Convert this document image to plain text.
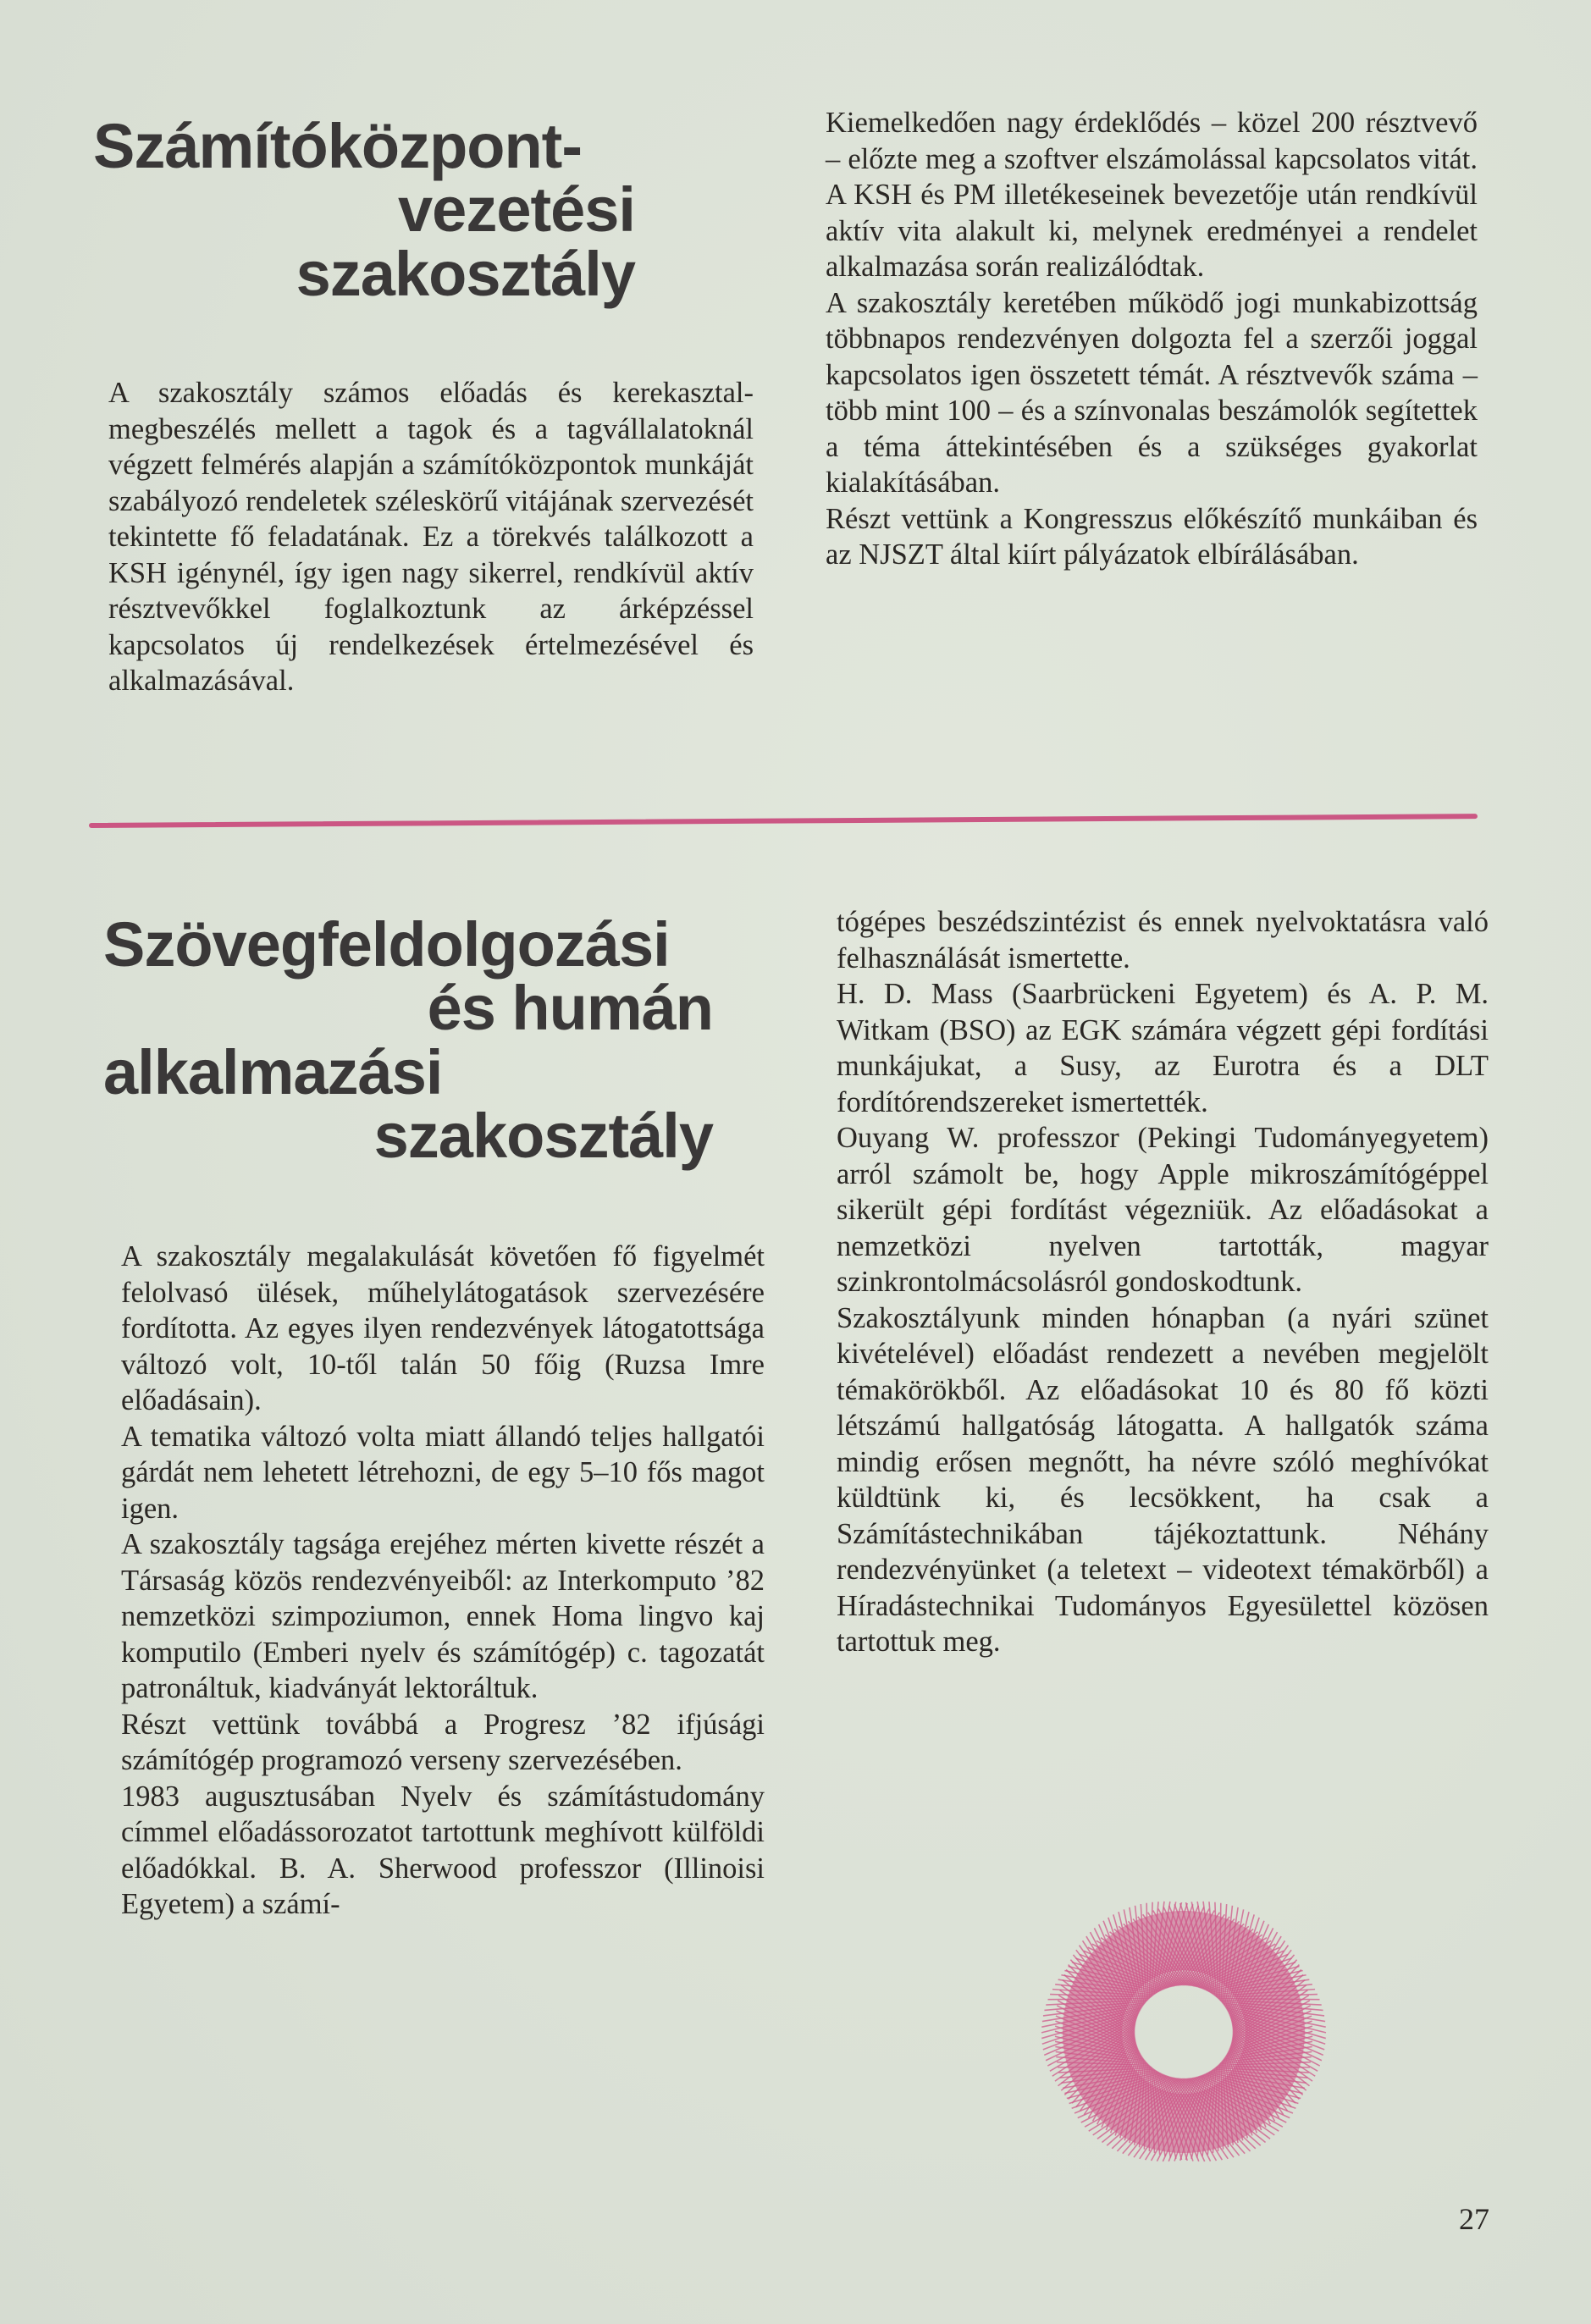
Számítóközpont-
vezetési
szakosztály

A szakosztály számos előadás és kerekasztal-megbeszélés mellett a tagok és a tagvállalatoknál végzett felmérés alapján a számítóközpontok munkáját szabályozó rendeletek széleskörű vitájának szervezését tekintette fő feladatának. Ez a törekvés találkozott a KSH igénynél, így igen nagy sikerrel, rendkívül aktív résztvevőkkel foglalkoztunk az árképzéssel kapcsolatos új rendelkezések értelmezésével és alkalmazásával.

Kiemelkedően nagy érdeklődés – közel 200 résztvevő – előzte meg a szoftver elszámolással kapcsolatos vitát. A KSH és PM illetékeseinek bevezetője után rendkívül aktív vita alakult ki, melynek eredményei a rendelet alkalmazása során realizálódtak.

A szakosztály keretében működő jogi munkabizottság többnapos rendezvényen dolgozta fel a szerzői joggal kapcsolatos igen összetett témát. A résztvevők száma – több mint 100 – és a színvonalas beszámolók segítettek a téma áttekintésében és a szükséges gyakorlat kialakításában.

Részt vettünk a Kongresszus előkészítő munkáiban és az NJSZT által kiírt pályázatok elbírálásában.

Szövegfeldolgozási
és humán
alkalmazási
szakosztály

A szakosztály megalakulását követően fő figyelmét felolvasó ülések, műhelylátogatások szervezésére fordította. Az egyes ilyen rendezvények látogatottsága változó volt, 10-től talán 50 főig (Ruzsa Imre előadásain).

A tematika változó volta miatt állandó teljes hallgatói gárdát nem lehetett létrehozni, de egy 5–10 fős magot igen.

A szakosztály tagsága erejéhez mérten kivette részét a Társaság közös rendezvényeiből: az Interkomputo ’82 nemzetközi szimpoziumon, ennek Homa lingvo kaj komputilo (Emberi nyelv és számítógép) c. tagozatát patronáltuk, kiadványát lektoráltuk.

Részt vettünk továbbá a Progresz ’82 ifjúsági számítógép programozó verseny szervezésében.

1983 augusztusában Nyelv és számítástudomány címmel előadássorozatot tartottunk meghívott külföldi előadókkal. B. A. Sherwood professzor (Illinoisi Egyetem) a számí-

tógépes beszédszintézist és ennek nyelvoktatásra való felhasználását ismertette.

H. D. Mass (Saarbrückeni Egyetem) és A. P. M. Witkam (BSO) az EGK számára végzett gépi fordítási munkájukat, a Susy, az Eurotra és a DLT fordítórendszereket ismertették.

Ouyang W. professzor (Pekingi Tudományegyetem) arról számolt be, hogy Apple mikroszámítógéppel sikerült gépi fordítást végezniük. Az előadásokat a nemzetközi nyelven tartották, magyar szinkrontolmácsolásról gondoskodtunk.

Szakosztályunk minden hónapban (a nyári szünet kivételével) előadást rendezett a nevében megjelölt témakörökből. Az előadásokat 10 és 80 fő közti létszámú hallgatóság látogatta. A hallgatók száma mindig erősen megnőtt, ha névre szóló meghívókat küldtünk ki, és lecsökkent, ha csak a Számítástechnikában tájékoztattunk. Néhány rendezvényünket (a teletext – videotext témakörből) a Híradástechnikai Tudományos Egyesülettel közösen tartottuk meg.

27
